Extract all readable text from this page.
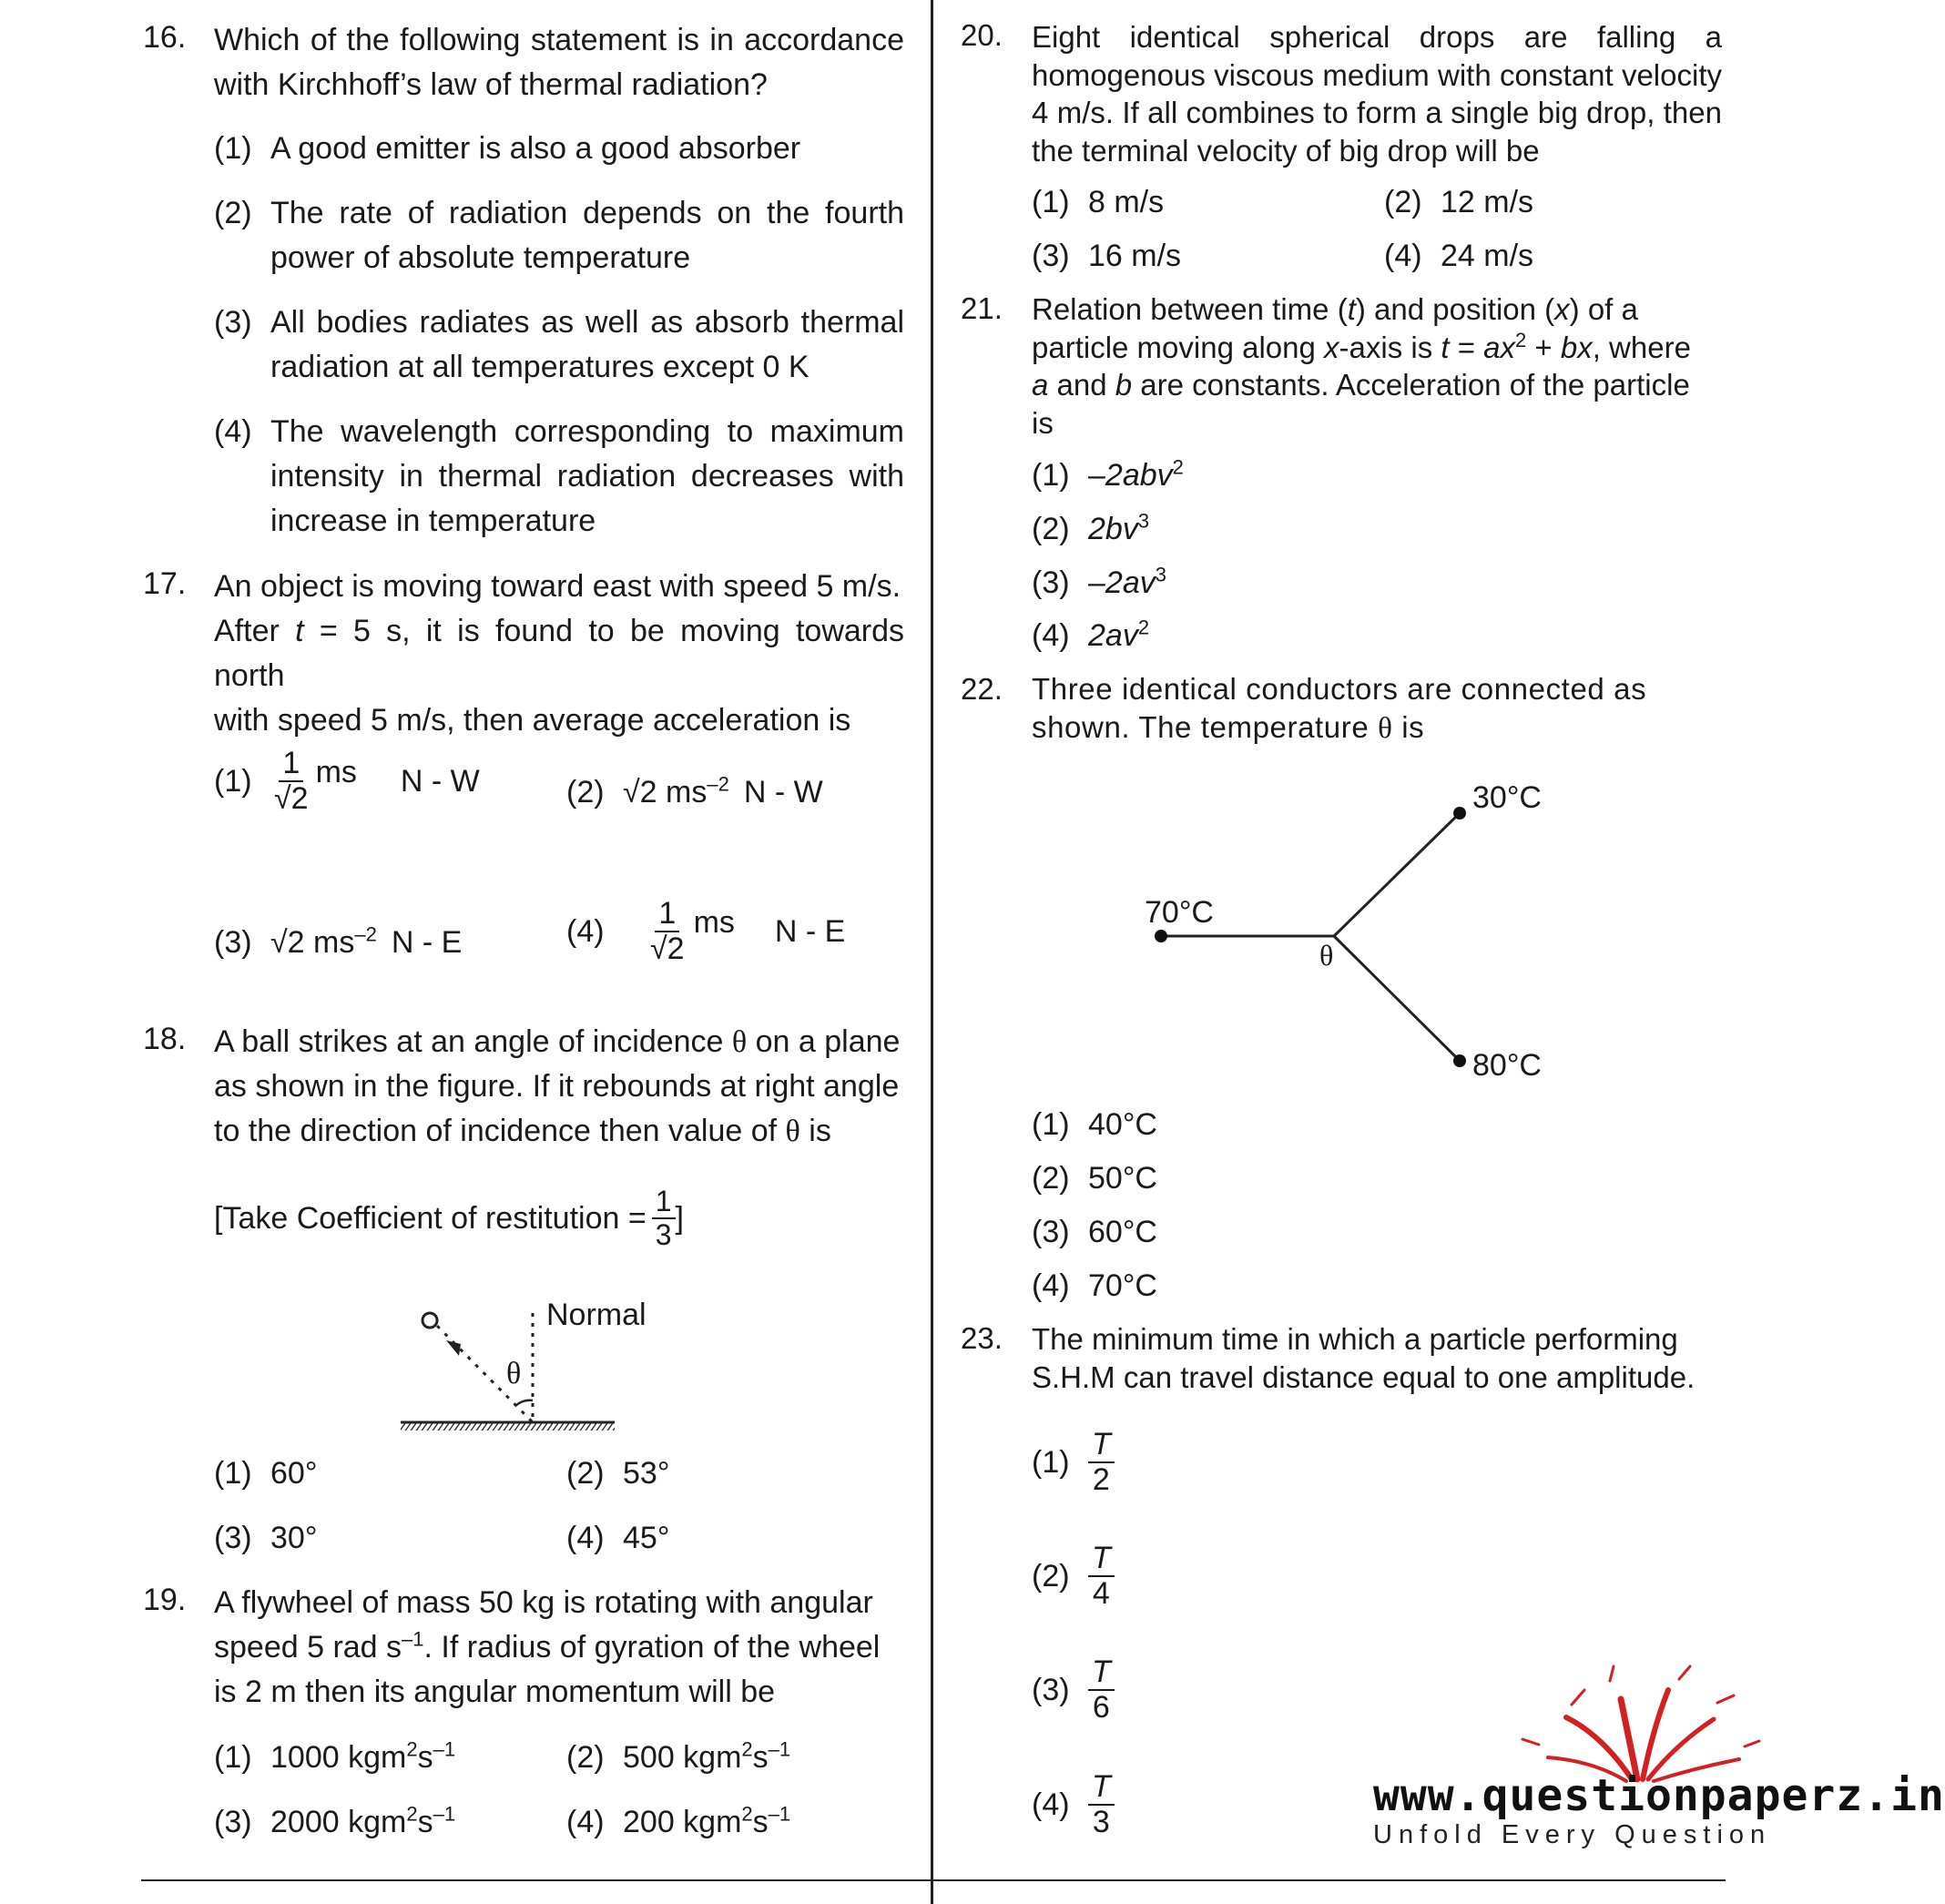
16. Which of the following statement is in accordance with Kirchhoff’s law of thermal radiation?
(1) A good emitter is also a good absorber
(2) The rate of radiation depends on the fourth power of absolute temperature
(3) All bodies radiates as well as absorb thermal radiation at all temperatures except 0 K
(4) The wavelength corresponding to maximum intensity in thermal radiation decreases with increase in temperature
17. An object is moving toward east with speed 5 m/s.
After t = 5 s, it is found to be moving towards north
with speed 5 m/s, then average acceleration is
$(1) \frac{1}{√2}$ ms N - W	(2) √2 $ms^{-2}$ N - W
(3) √2 $ms^{-2}$ N - E	(4)	$\frac{1}{√2}$ ms N - E
18. A ball strikes at an angle of incidence θ on a plane
as shown in the figure. If it rebounds at right angle
to the direction of incidence then value of θ is
[Take Coefficient of restitution = $\frac{1}{3}$ ]
Normal
θ
(1) 60°	(2) 53°
(3) 30°	(4) 45°
19. A flywheel of mass 50 kg is rotating with angular
speed 5 rad $s^{-1}$. If radius of gyration of the wheel
is 2 m then its angular momentum will be
(1) 1000 $kgm^2s^{-1}$	(2) 500 $kgm^2s^{-1}$
(3) 2000 $kgm^2s^{-1}$	(4) 200 $kgm^2s^{-1}$
20. Eight identical spherical drops are falling a homogenous viscous medium with constant velocity 4 m/s. If all combines to form a single big drop, then the terminal velocity of big drop will be
(1) 8 m/s	(2) 12 m/s
(3) 16 m/s	(4) 24 m/s
21. Relation between time (t) and position (x) of a
particle moving along x-axis is $t = ax^2$ + bx, where
a and b are constants. Acceleration of the particle
is
(1) –2abv$^2$
(2) $2bv^3$
(3) $-2av^3$
(4) $2av^2$
22. Three identical conductors are connected as
shown. The temperature θ is
30°C
70°C
80°C
θ
(1) 40°C
(2) 50°C
(3) 60°C
(4) 70°C
23. The minimum time in which a particle performing
S.H.M can travel distance equal to one amplitude.
$(1) \frac{T}{2}$
$(2) \frac{T}{4}$
$(3) \frac{T}{6}$
$(4) \frac{T}{3}$	www.questionpaperz.in
Unfold Every Question
